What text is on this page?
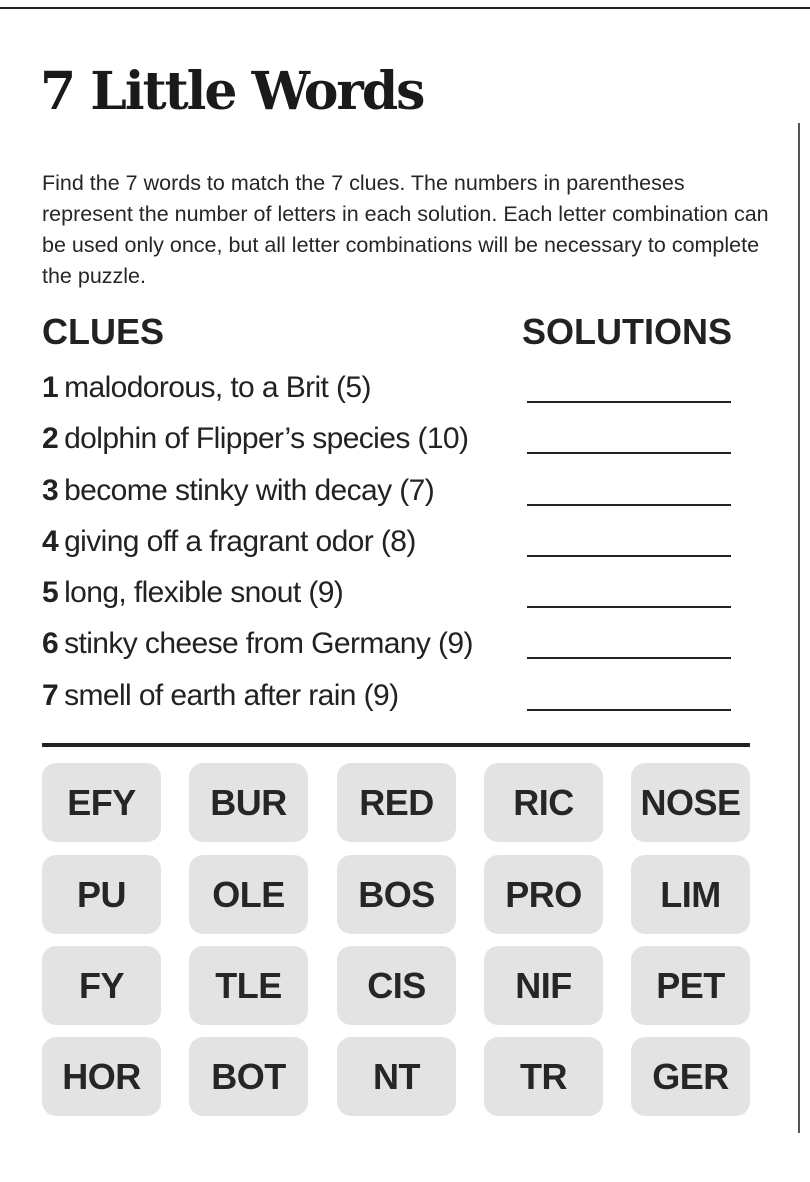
7 Little Words

Find the 7 words to match the 7 clues. The numbers in parentheses represent the number of letters in each solution. Each letter combination can be used only once, but all letter combinations will be necessary to complete the puzzle.

CLUES	SOLUTIONS
1 malodorous, to a Brit (5)
2 dolphin of Flipper’s species (10)
3 become stinky with decay (7)
4 giving off a fragrant odor (8)
5 long, flexible snout (9)
6 stinky cheese from Germany (9)
7 smell of earth after rain (9)
EFY	BUR	RED	RIC	NOSE
PU	OLE	BOS	PRO	LIM
FY	TLE	CIS	NIF	PET
HOR	BOT	NT	TR	GER
